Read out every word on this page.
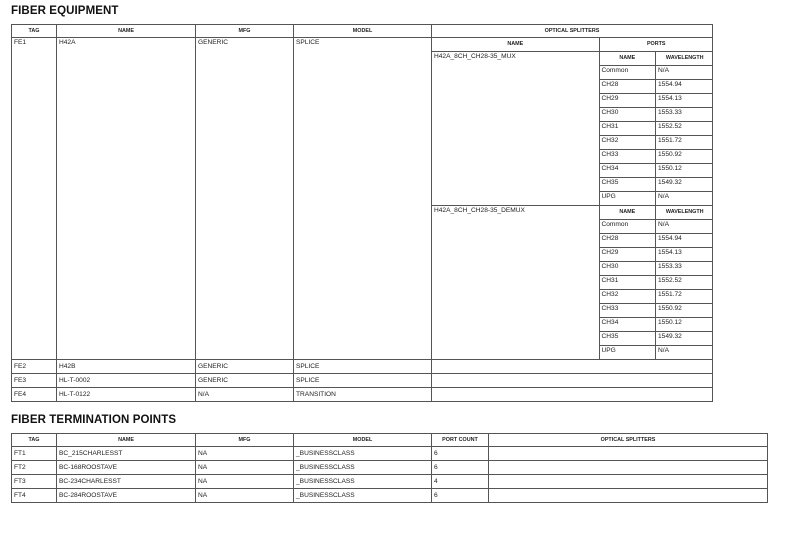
FIBER EQUIPMENT
TAG	NAME	MFG	MODEL	OPTICAL SPLITTERS
FE1	H42A	GENERIC	SPLICE		NAME	PORTS
H42A_8CH_CH28-35_MUX		NAME	WAVELENGTH
Common	N/A
CH28	1554.94
CH29	1554.13
CH30	1553.33
CH31	1552.52
CH32	1551.72
CH33	1550.92
CH34	1550.12
CH35	1549.32
UPG	N/A

H42A_8CH_CH28-35_DEMUX		NAME	WAVELENGTH
Common	N/A
CH28	1554.94
CH29	1554.13
CH30	1553.33
CH31	1552.52
CH32	1551.72
CH33	1550.92
CH34	1550.12
CH35	1549.32
UPG	N/A

FE2	H42B	GENERIC	SPLICE	
FE3	HL-T-0002	GENERIC	SPLICE	
FE4	HL-T-0122	N/A	TRANSITION	
FIBER TERMINATION POINTS
TAG	NAME	MFG	MODEL	PORT COUNT	OPTICAL SPLITTERS
FT1	BC_215CHARLESST	NA	_BUSINESSCLASS	6	
FT2	BC-168ROOSTAVE	NA	_BUSINESSCLASS	6	
FT3	BC-234CHARLESST	NA	_BUSINESSCLASS	4	
FT4	BC-284ROOSTAVE	NA	_BUSINESSCLASS	6	
